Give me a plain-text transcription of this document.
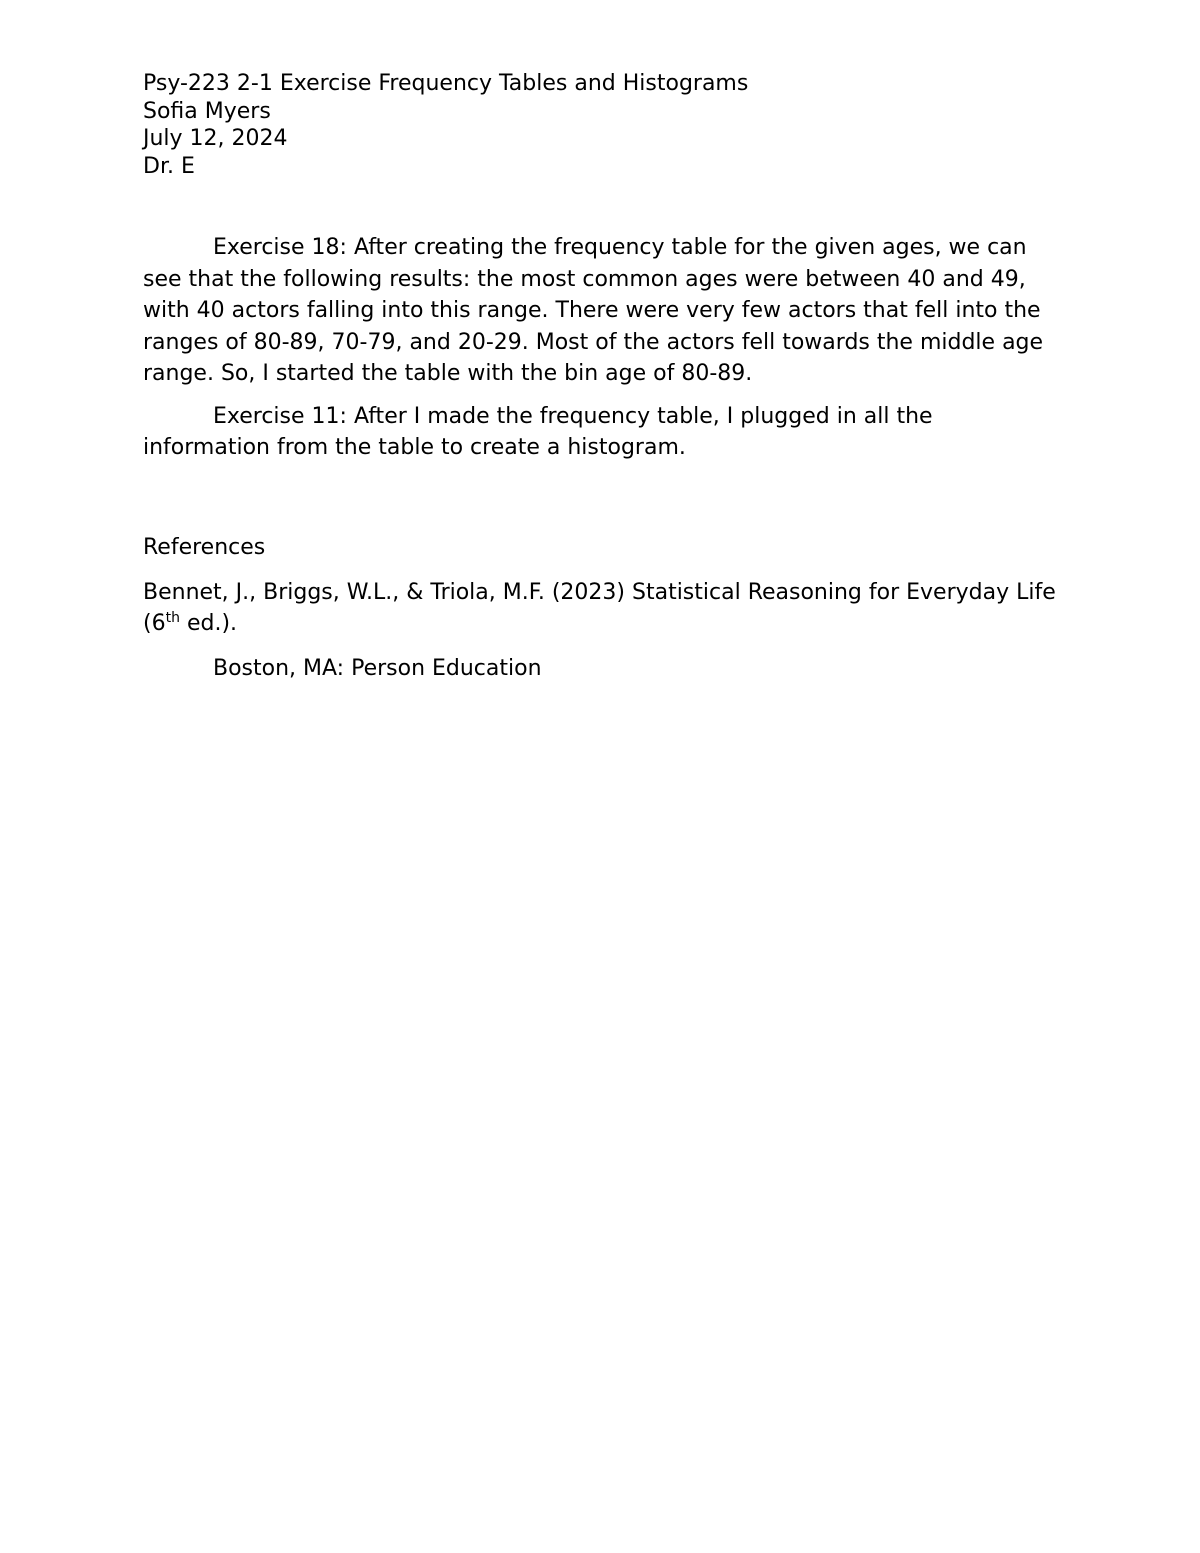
Psy-223 2-1 Exercise Frequency Tables and Histograms

Sofia Myers

July 12, 2024

Dr. E

Exercise 18: After creating the frequency table for the given ages, we can see that the following results: the most common ages were between 40 and 49, with 40 actors falling into this range. There were very few actors that fell into the ranges of 80-89, 70-79, and 20-29. Most of the actors fell towards the middle age range. So, I started the table with the bin age of 80-89.

Exercise 11: After I made the frequency table, I plugged in all the information from the table to create a histogram.

References

Bennet, J., Briggs, W.L., & Triola, M.F. (2023) Statistical Reasoning for Everyday Life (6th ed.).

Boston, MA: Person Education
